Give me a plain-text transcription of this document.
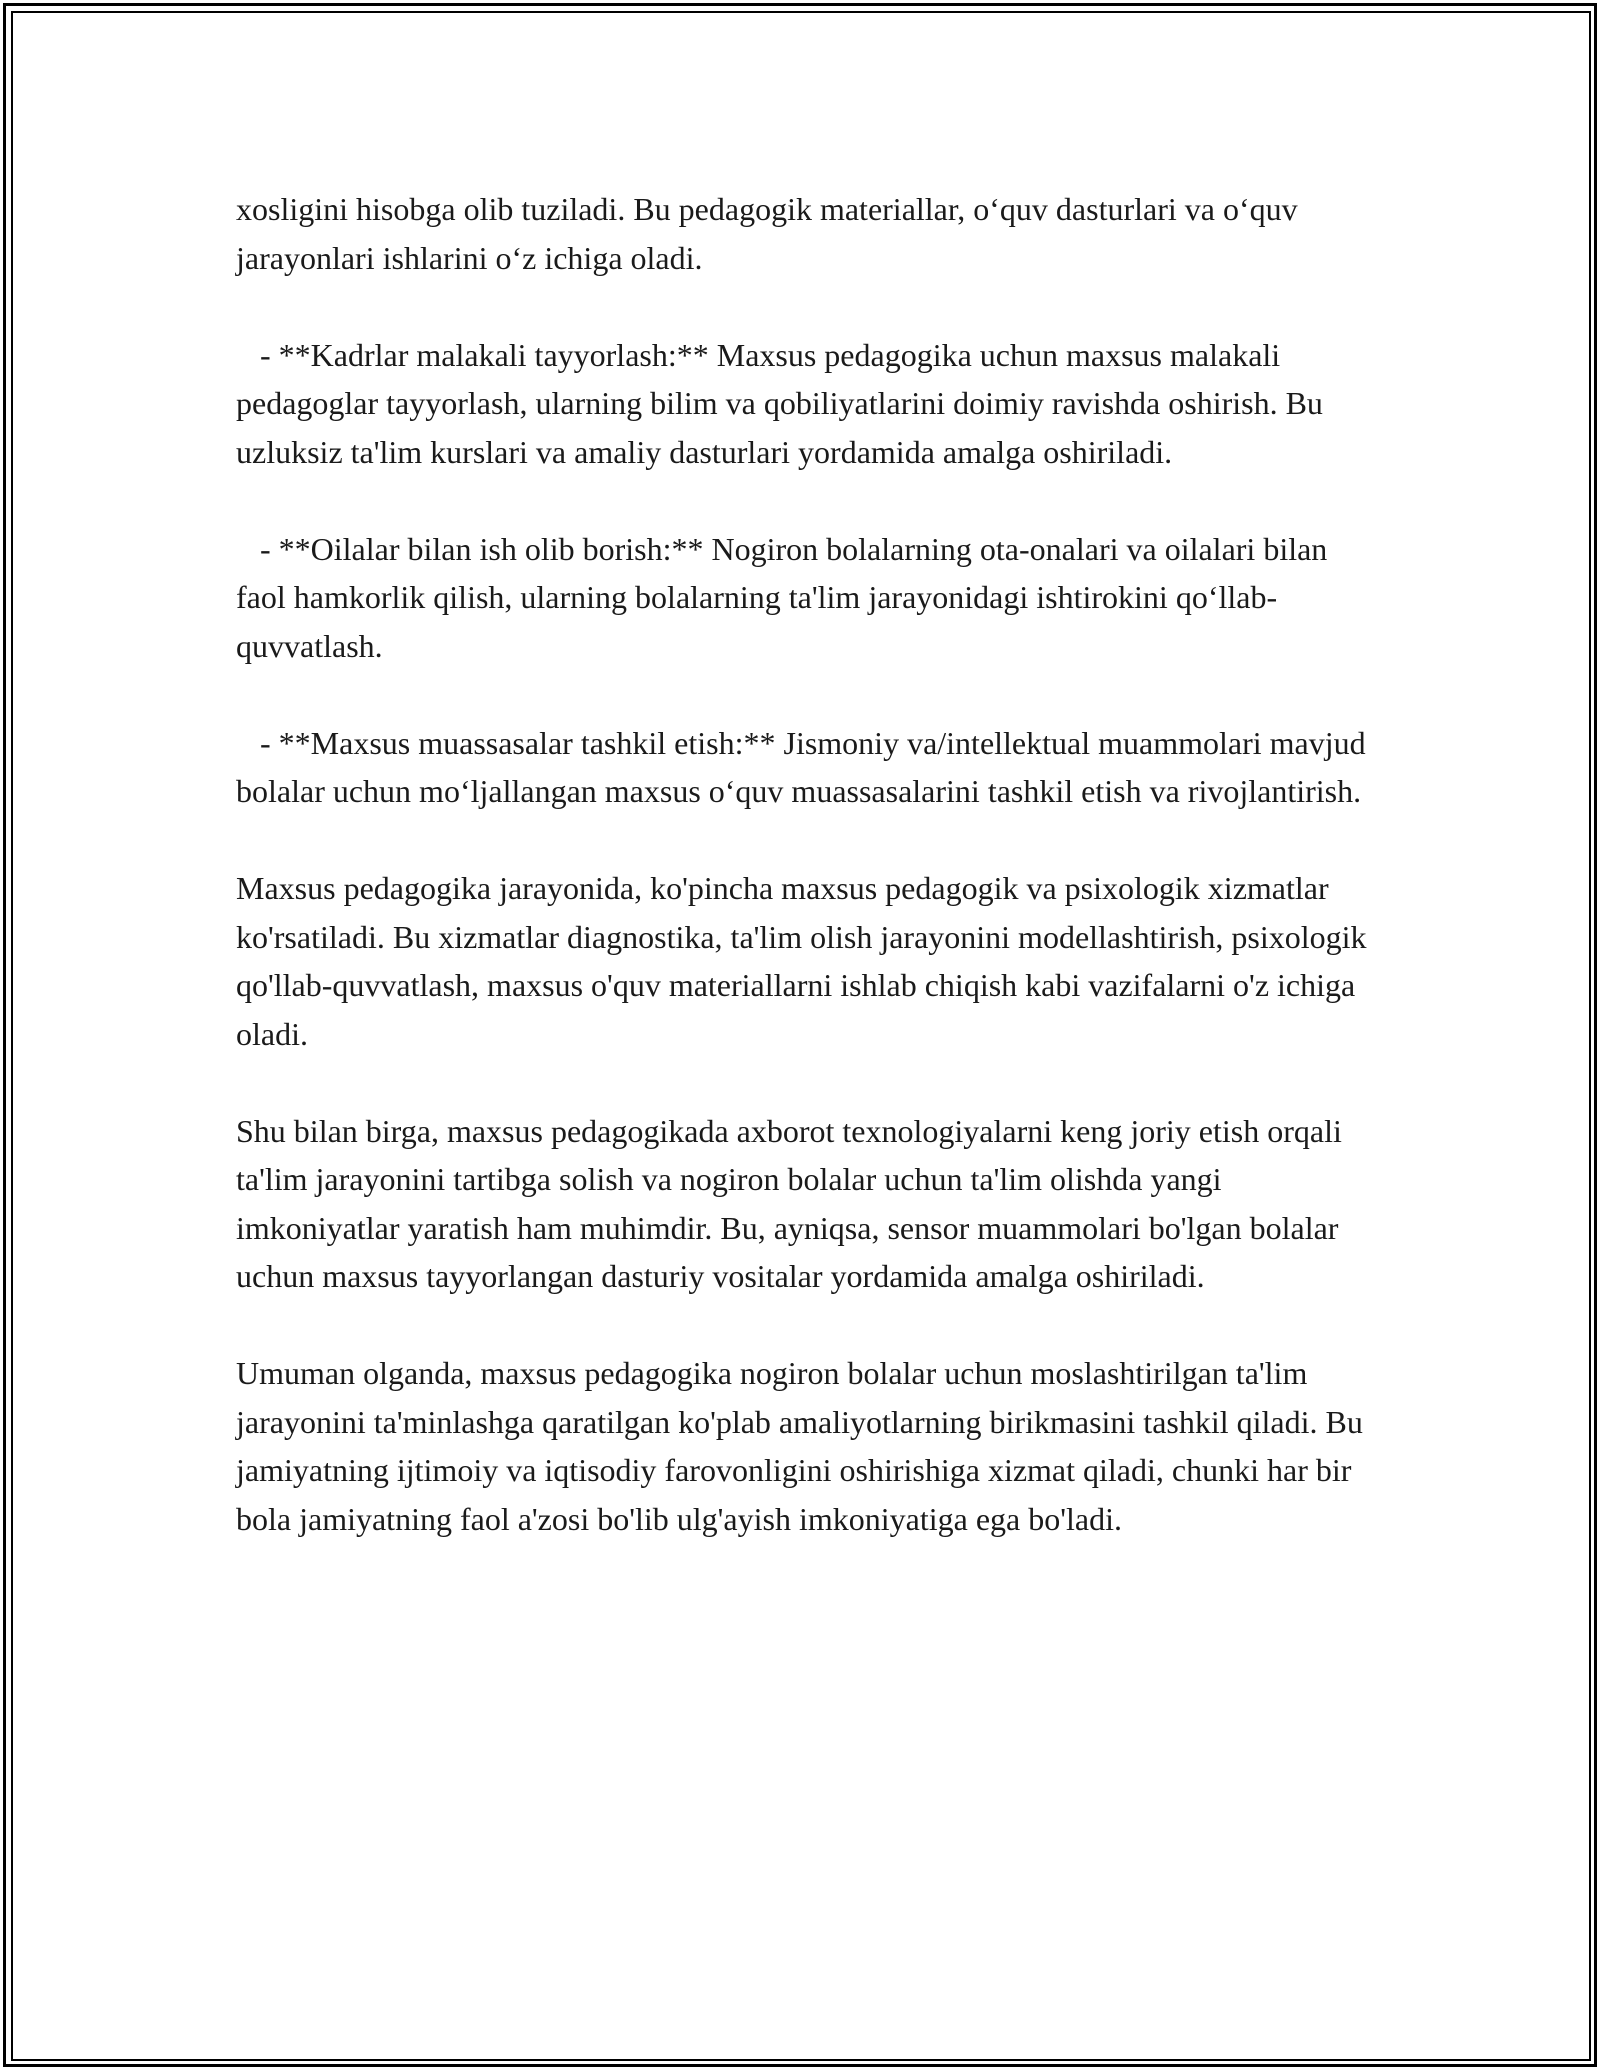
xosligini hisobga olib tuziladi. Bu pedagogik materiallar, o‘quv dasturlari va o‘quv jarayonlari ishlarini o‘z ichiga oladi.

- **Kadrlar malakali tayyorlash:** Maxsus pedagogika uchun maxsus malakali pedagoglar tayyorlash, ularning bilim va qobiliyatlarini doimiy ravishda oshirish. Bu uzluksiz ta'lim kurslari va amaliy dasturlari yordamida amalga oshiriladi.

- **Oilalar bilan ish olib borish:** Nogiron bolalarning ota-onalari va oilalari bilan faol hamkorlik qilish, ularning bolalarning ta'lim jarayonidagi ishtirokini qo‘llab-quvvatlash.

- **Maxsus muassasalar tashkil etish:** Jismoniy va/intellektual muammolari mavjud bolalar uchun mo‘ljallangan maxsus o‘quv muassasalarini tashkil etish va rivojlantirish.

Maxsus pedagogika jarayonida, ko'pincha maxsus pedagogik va psixologik xizmatlar ko'rsatiladi. Bu xizmatlar diagnostika, ta'lim olish jarayonini modellashtirish, psixologik qo'llab-quvvatlash, maxsus o'quv materiallarni ishlab chiqish kabi vazifalarni o'z ichiga oladi.

Shu bilan birga, maxsus pedagogikada axborot texnologiyalarni keng joriy etish orqali ta'lim jarayonini tartibga solish va nogiron bolalar uchun ta'lim olishda yangi imkoniyatlar yaratish ham muhimdir. Bu, ayniqsa, sensor muammolari bo'lgan bolalar uchun maxsus tayyorlangan dasturiy vositalar yordamida amalga oshiriladi.

Umuman olganda, maxsus pedagogika nogiron bolalar uchun moslashtirilgan ta'lim jarayonini ta'minlashga qaratilgan ko'plab amaliyotlarning birikmasini tashkil qiladi. Bu jamiyatning ijtimoiy va iqtisodiy farovonligini oshirishiga xizmat qiladi, chunki har bir bola jamiyatning faol a'zosi bo'lib ulg'ayish imkoniyatiga ega bo'ladi.
